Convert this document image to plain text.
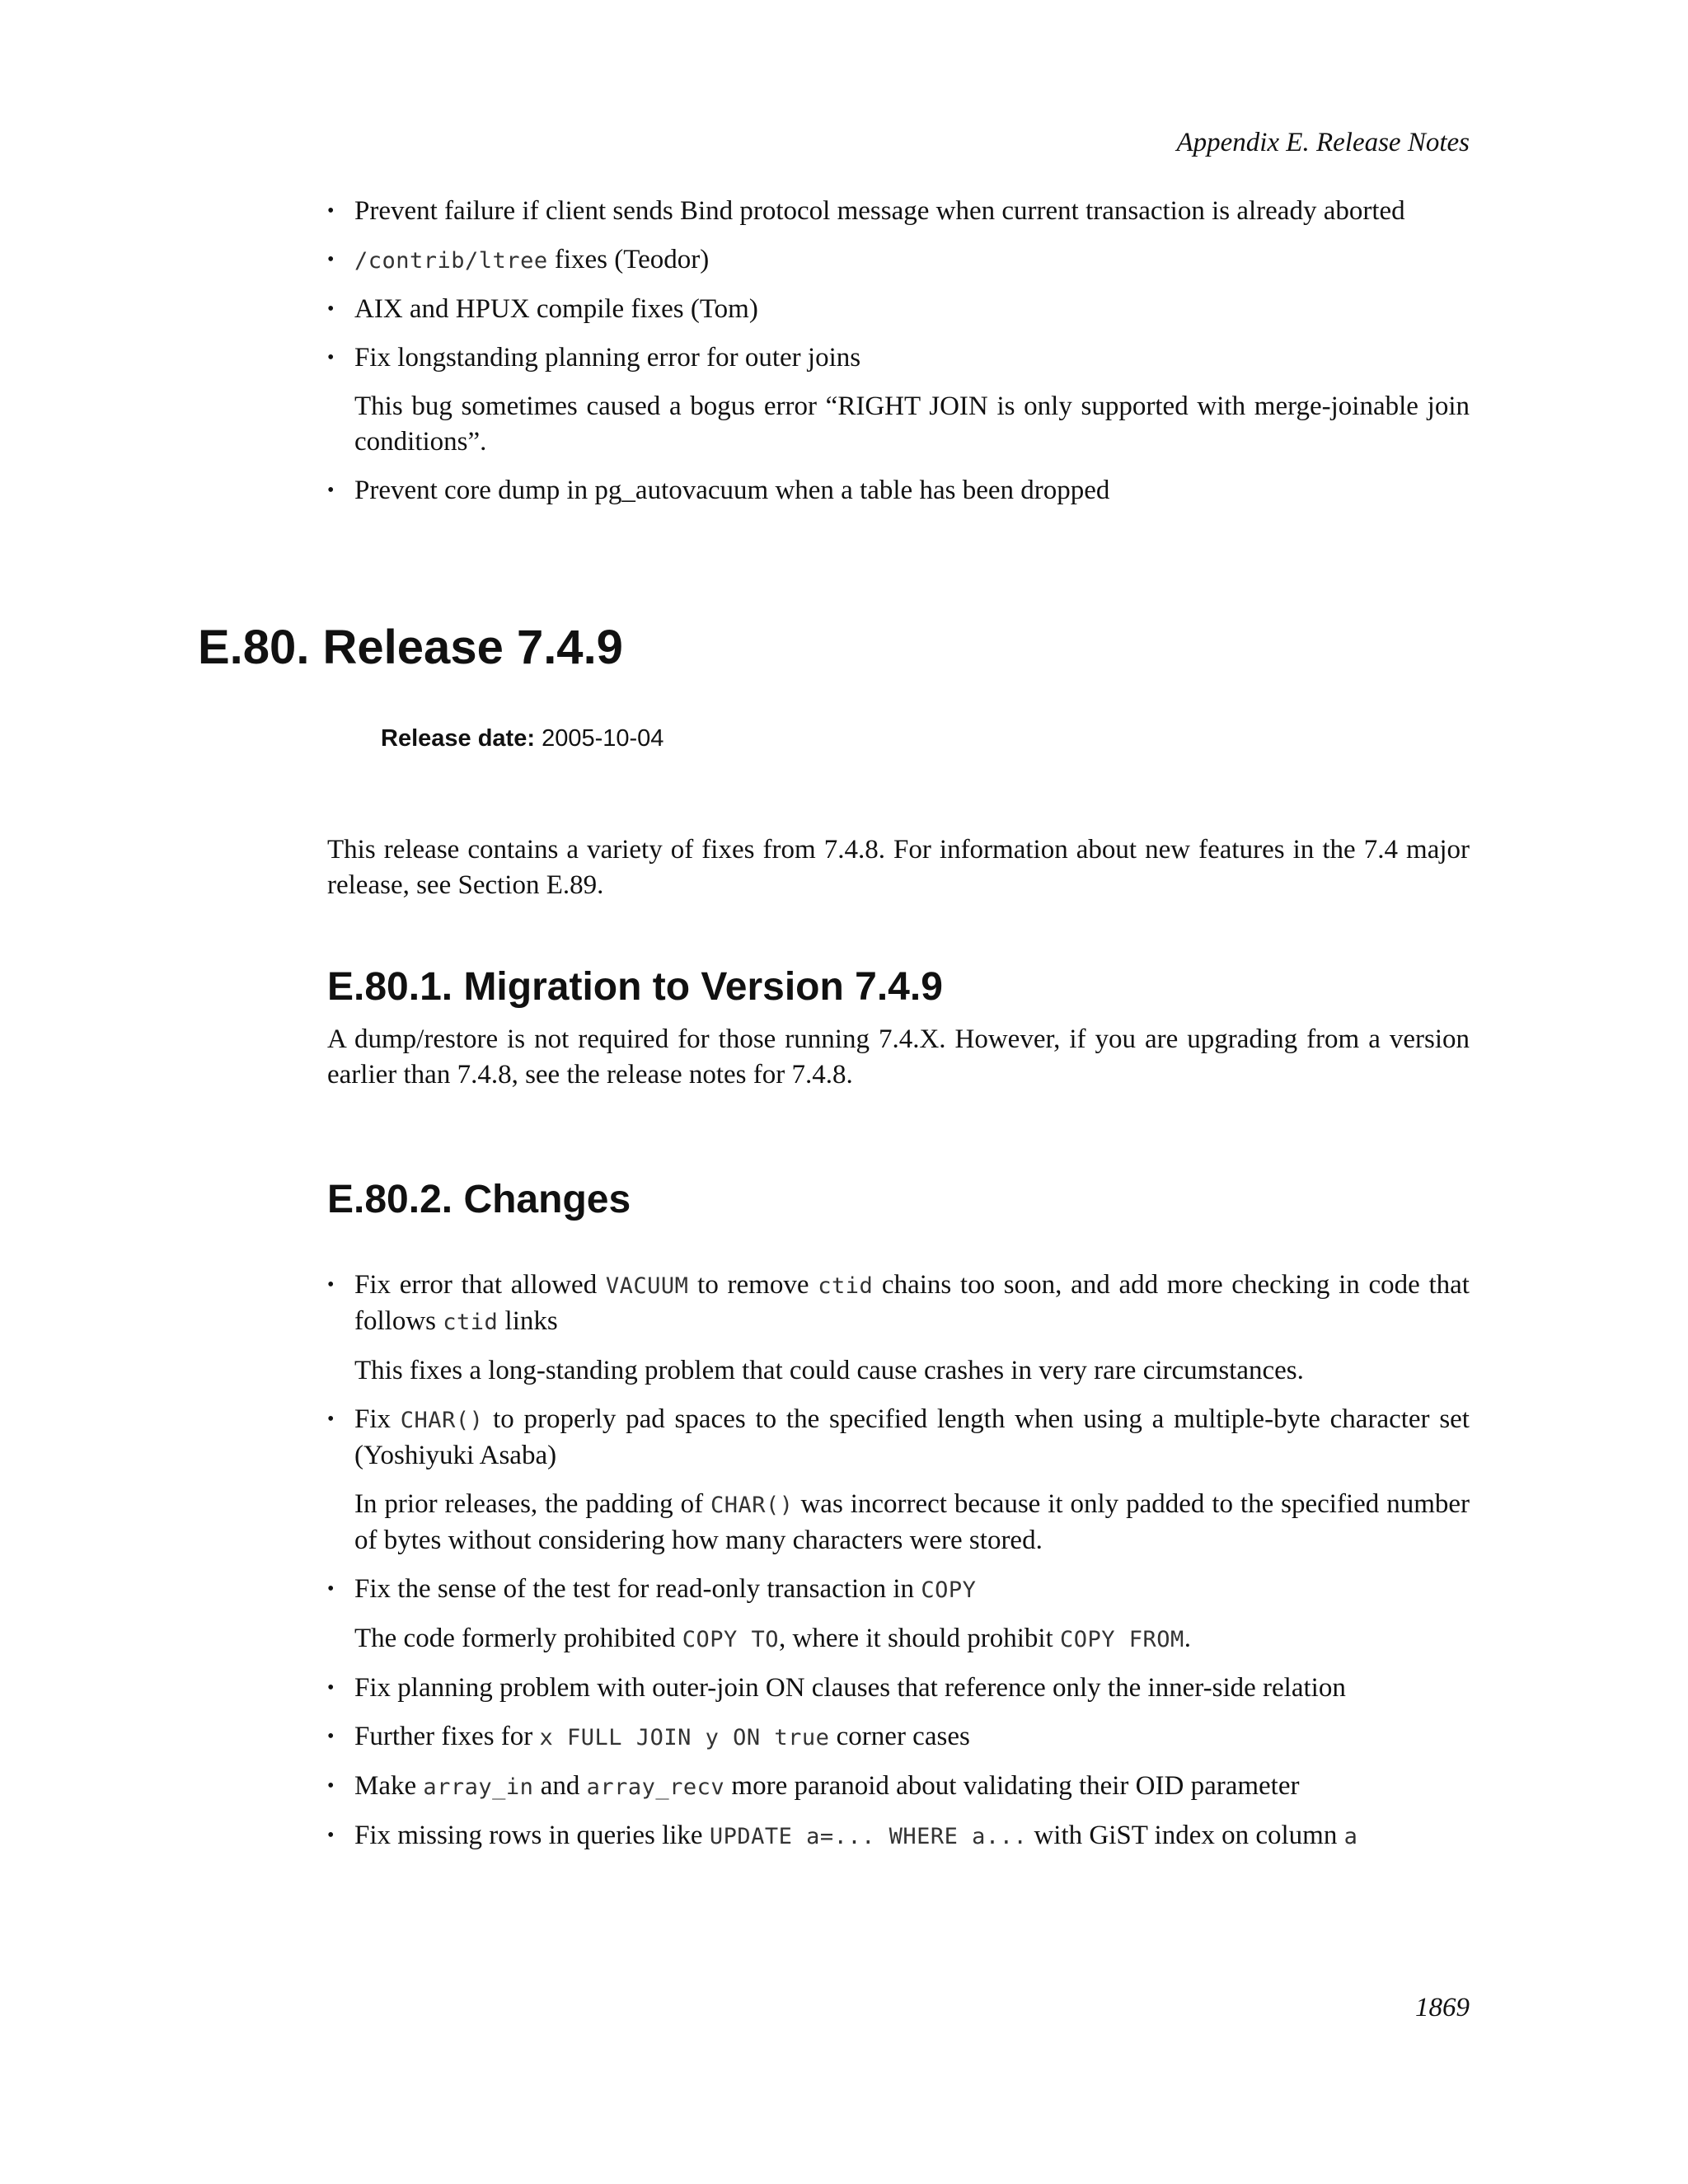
Appendix E. Release Notes
• Prevent failure if client sends Bind protocol message when current transaction is already aborted
• /contrib/ltree fixes (Teodor)
• AIX and HPUX compile fixes (Tom)
• Fix longstanding planning error for outer joins
This bug sometimes caused a bogus error “RIGHT JOIN is only supported with merge-joinable join conditions”.
• Prevent core dump in pg_autovacuum when a table has been dropped
E.80. Release 7.4.9
Release date: 2005-10-04

This release contains a variety of fixes from 7.4.8. For information about new features in the 7.4 major release, see Section E.89.

E.80.1. Migration to Version 7.4.9

A dump/restore is not required for those running 7.4.X. However, if you are upgrading from a version earlier than 7.4.8, see the release notes for 7.4.8.

E.80.2. Changes
• Fix error that allowed VACUUM to remove ctid chains too soon, and add more checking in code that follows ctid links
This fixes a long-standing problem that could cause crashes in very rare circumstances.
• Fix CHAR() to properly pad spaces to the specified length when using a multiple-byte character set (Yoshiyuki Asaba)
In prior releases, the padding of CHAR() was incorrect because it only padded to the specified number of bytes without considering how many characters were stored.
• Fix the sense of the test for read-only transaction in COPY
The code formerly prohibited COPY TO, where it should prohibit COPY FROM.
• Fix planning problem with outer-join ON clauses that reference only the inner-side relation
• Further fixes for x FULL JOIN y ON true corner cases
• Make array_in and array_recv more paranoid about validating their OID parameter
• Fix missing rows in queries like UPDATE a=... WHERE a... with GiST index on column a
1869
